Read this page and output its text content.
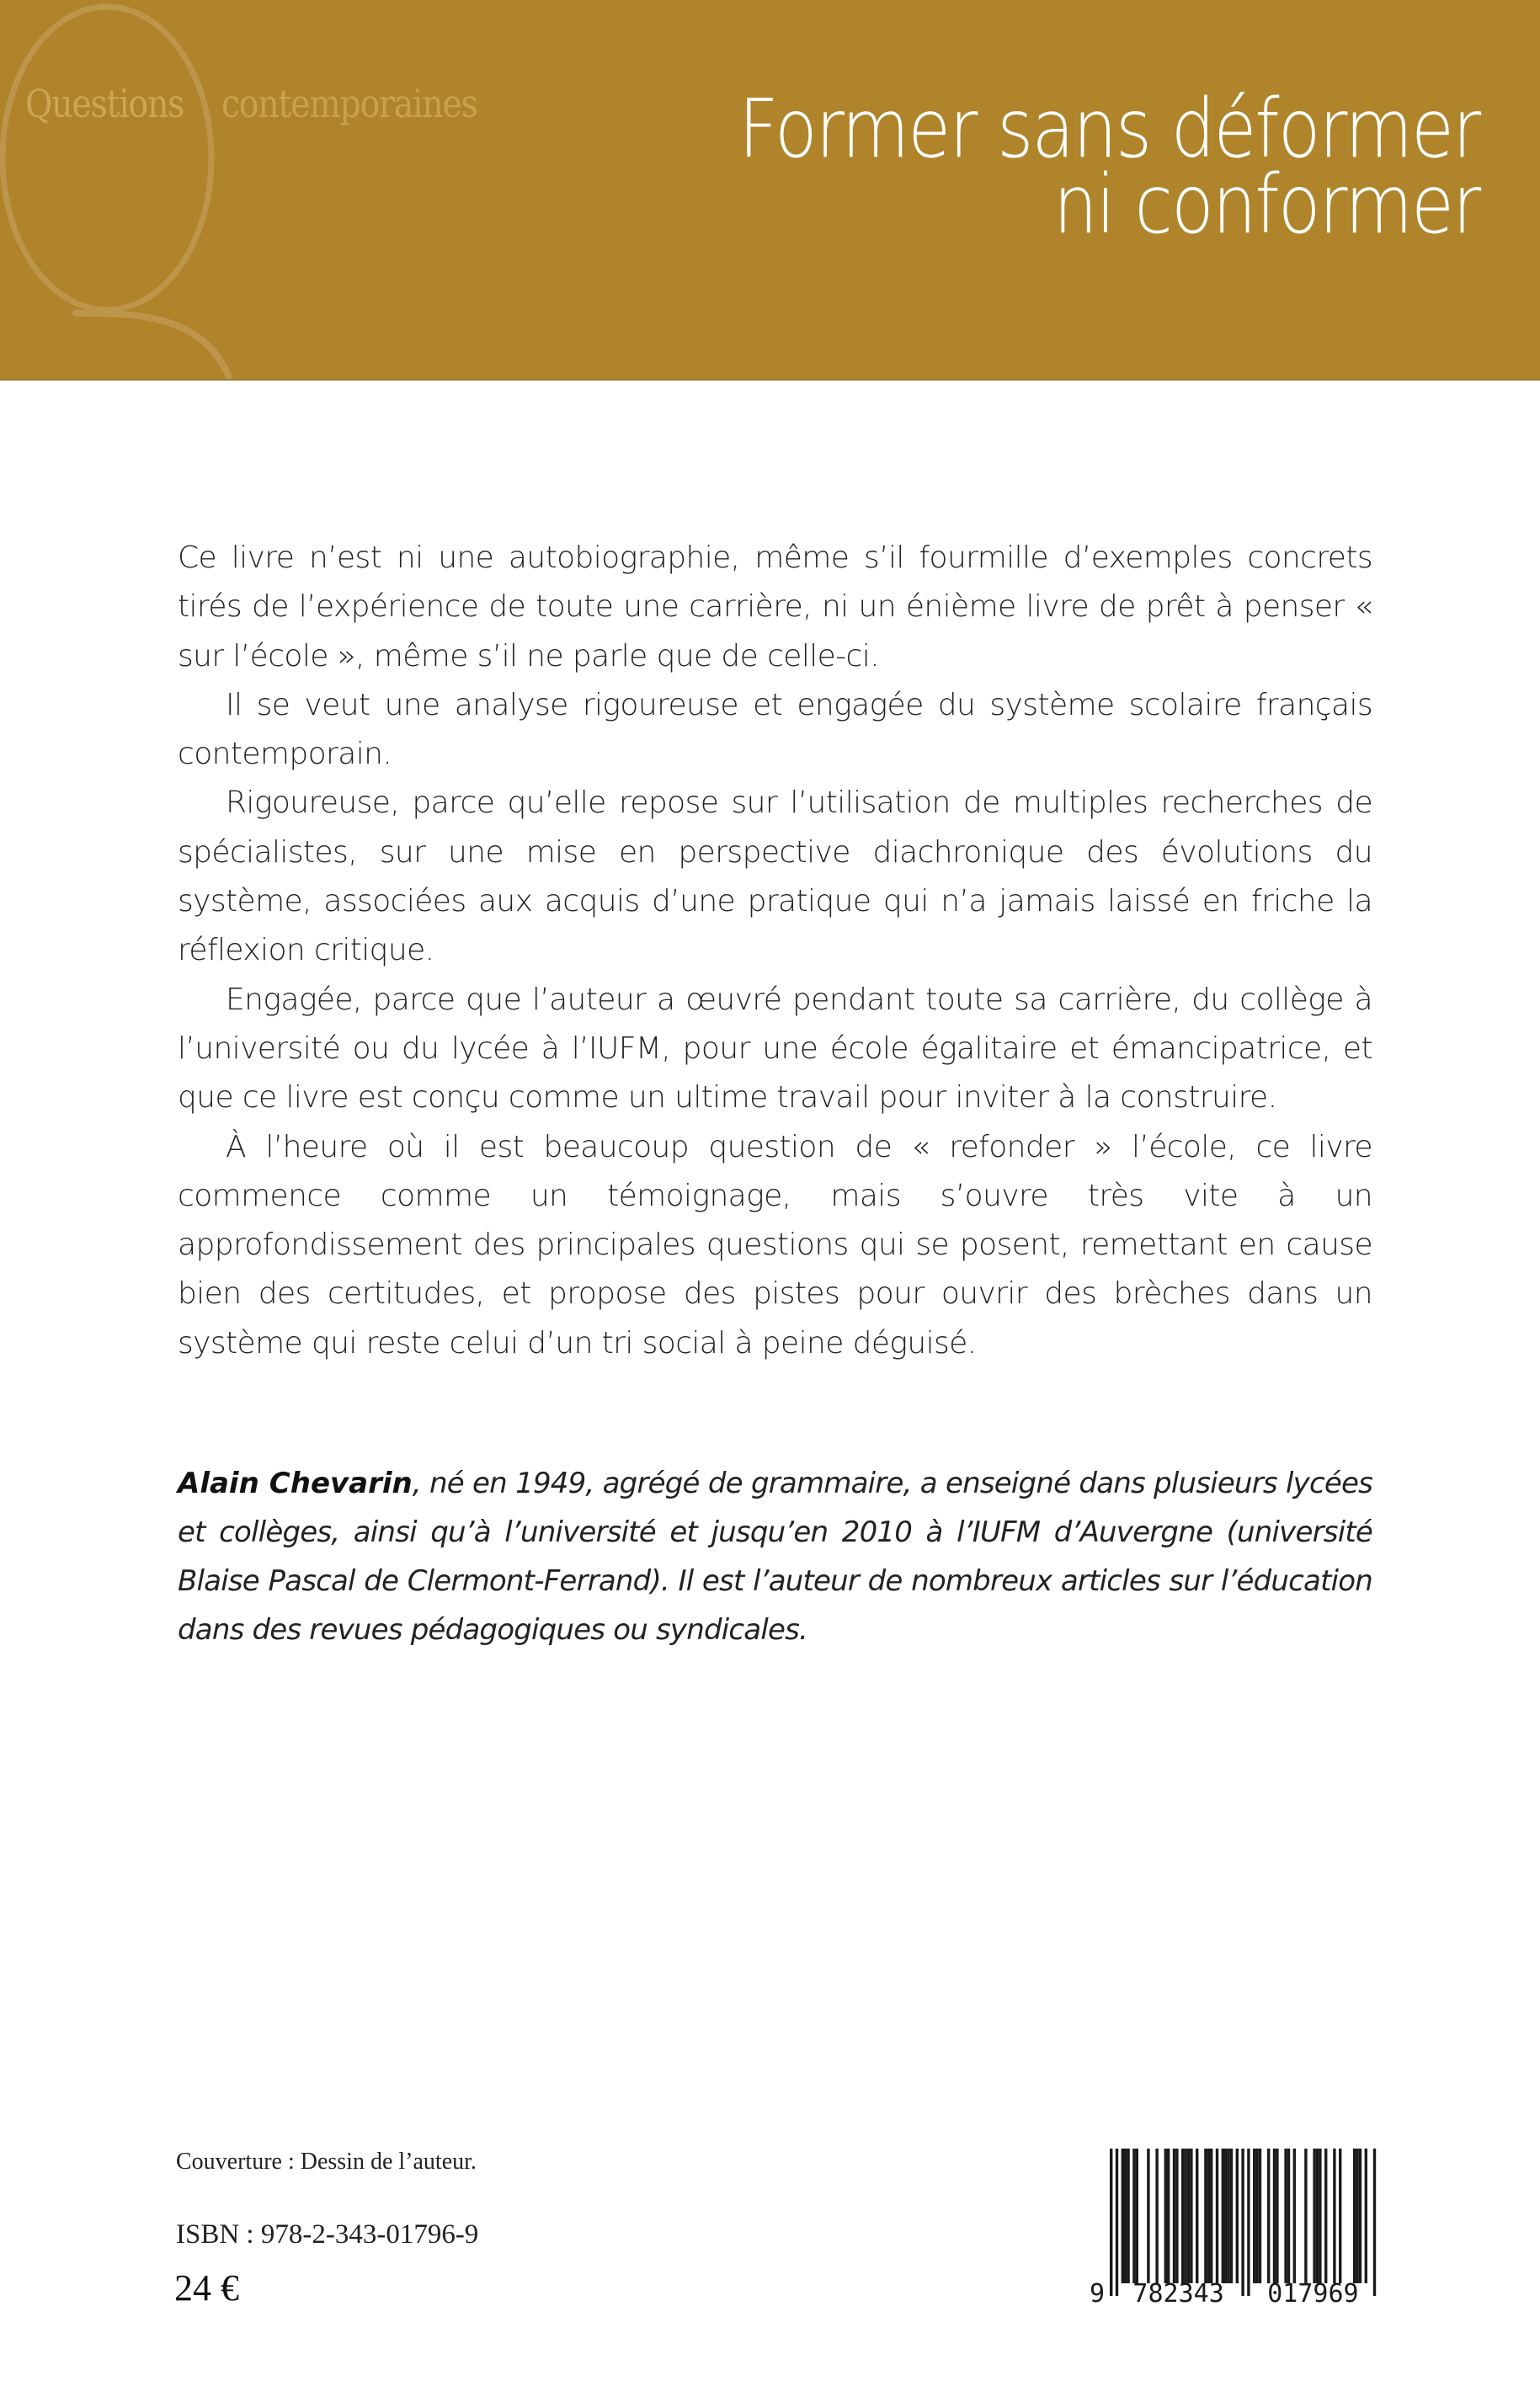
Q
Questions contemporaines	Former sans déformer
ni conformer

Ce livre n’est ni une autobiographie, même s’il fourmille d’exemples concrets tirés de l’expérience de toute une carrière, ni un énième livre de prêt à penser « sur l’école », même s’il ne parle que de celle-ci.

Il se veut une analyse rigoureuse et engagée du système scolaire français contemporain.

Rigoureuse, parce qu’elle repose sur l’utilisation de multiples recherches de spécialistes, sur une mise en perspective diachronique des évolutions du système, associées aux acquis d’une pratique qui n’a jamais laissé en friche la réflexion critique.

Engagée, parce que l’auteur a œuvré pendant toute sa carrière, du collège à l’université ou du lycée à l’IUFM, pour une école égalitaire et émancipatrice, et que ce livre est conçu comme un ultime travail pour inviter à la construire.

À l’heure où il est beaucoup question de « refonder » l’école, ce livre commence comme un témoignage, mais s’ouvre très vite à un approfondissement des principales questions qui se posent, remettant en cause bien des certitudes, et propose des pistes pour ouvrir des brèches dans un système qui reste celui d’un tri social à peine déguisé.

Alain Chevarin, né en 1949, agrégé de grammaire, a enseigné dans plusieurs lycées et collèges, ainsi qu’à l’université et jusqu’en 2010 à l’IUFM d’Auvergne (université Blaise Pascal de Clermont-Ferrand). Il est l’auteur de nombreux articles sur l’éducation dans des revues pédagogiques ou syndicales.
Couverture : Dessin de l’auteur.
ISBN : 978-2-343-01796-9
24 €	9 782343 017969
